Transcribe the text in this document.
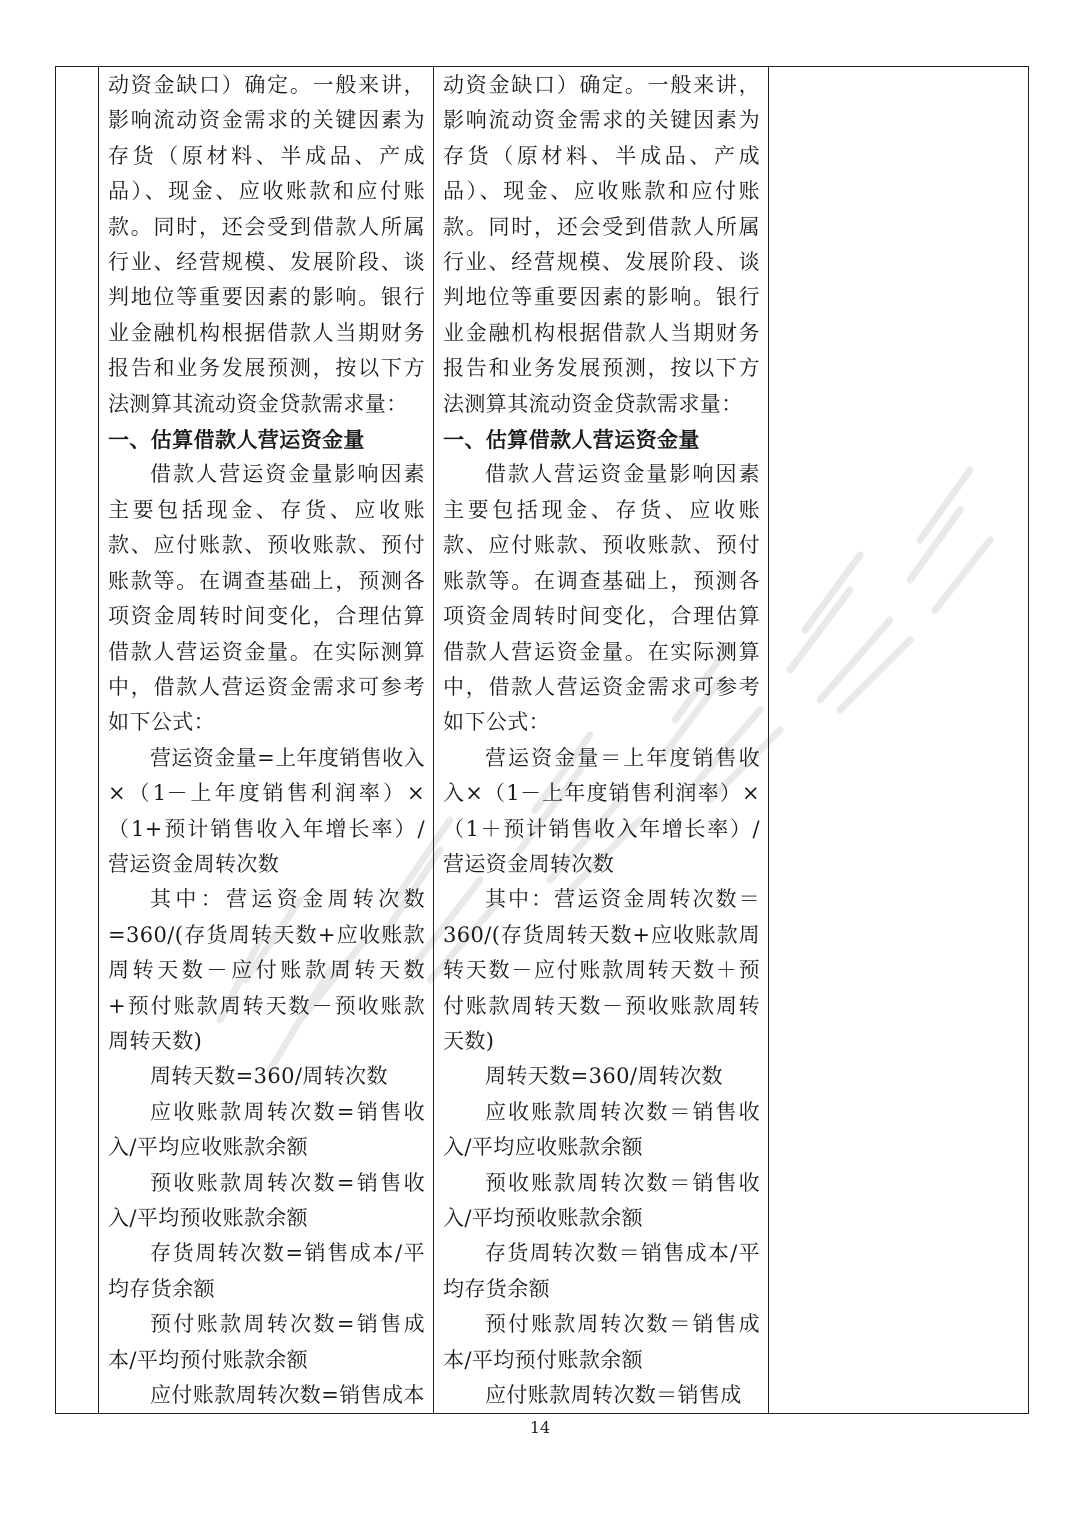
动资金缺口）确定。一般来讲，影响流动资金需求的关键因素为存货（原材料、半成品、产成品）、现金、应收账款和应付账款。同时，还会受到借款人所属行业、经营规模、发展阶段、谈判地位等重要因素的影响。银行业金融机构根据借款人当期财务报告和业务发展预测，按以下方法测算其流动资金贷款需求量：

一、估算借款人营运资金量

借款人营运资金量影响因素主要包括现金、存货、应收账款、应付账款、预收账款、预付账款等。在调查基础上，预测各项资金周转时间变化，合理估算借款人营运资金量。在实际测算中，借款人营运资金需求可参考如下公式：

营运资金量=上年度销售收入×（1－上年度销售利润率）×（1+预计销售收入年增长率）/营运资金周转次数

其中：营运资金周转次数=360/(存货周转天数+应收账款周转天数－应付账款周转天数+预付账款周转天数－预收账款周转天数)

周转天数=360/周转次数

应收账款周转次数=销售收入/平均应收账款余额

预收账款周转次数=销售收入/平均预收账款余额

存货周转次数=销售成本/平均存货余额

预付账款周转次数=销售成本/平均预付账款余额

应付账款周转次数=销售成本

动资金缺口）确定。一般来讲，影响流动资金需求的关键因素为存货（原材料、半成品、产成品）、现金、应收账款和应付账款。同时，还会受到借款人所属行业、经营规模、发展阶段、谈判地位等重要因素的影响。银行业金融机构根据借款人当期财务报告和业务发展预测，按以下方法测算其流动资金贷款需求量：

一、估算借款人营运资金量

借款人营运资金量影响因素主要包括现金、存货、应收账款、应付账款、预收账款、预付账款等。在调查基础上，预测各项资金周转时间变化，合理估算借款人营运资金量。在实际测算中，借款人营运资金需求可参考如下公式：

营运资金量＝上年度销售收入×（1－上年度销售利润率）×（1＋预计销售收入年增长率）/营运资金周转次数

其中：营运资金周转次数＝360/(存货周转天数+应收账款周转天数－应付账款周转天数＋预付账款周转天数－预收账款周转天数)

周转天数=360/周转次数

应收账款周转次数＝销售收入/平均应收账款余额

预收账款周转次数＝销售收入/平均预收账款余额

存货周转次数＝销售成本/平均存货余额

预付账款周转次数＝销售成本/平均预付账款余额

应付账款周转次数＝销售成

14
